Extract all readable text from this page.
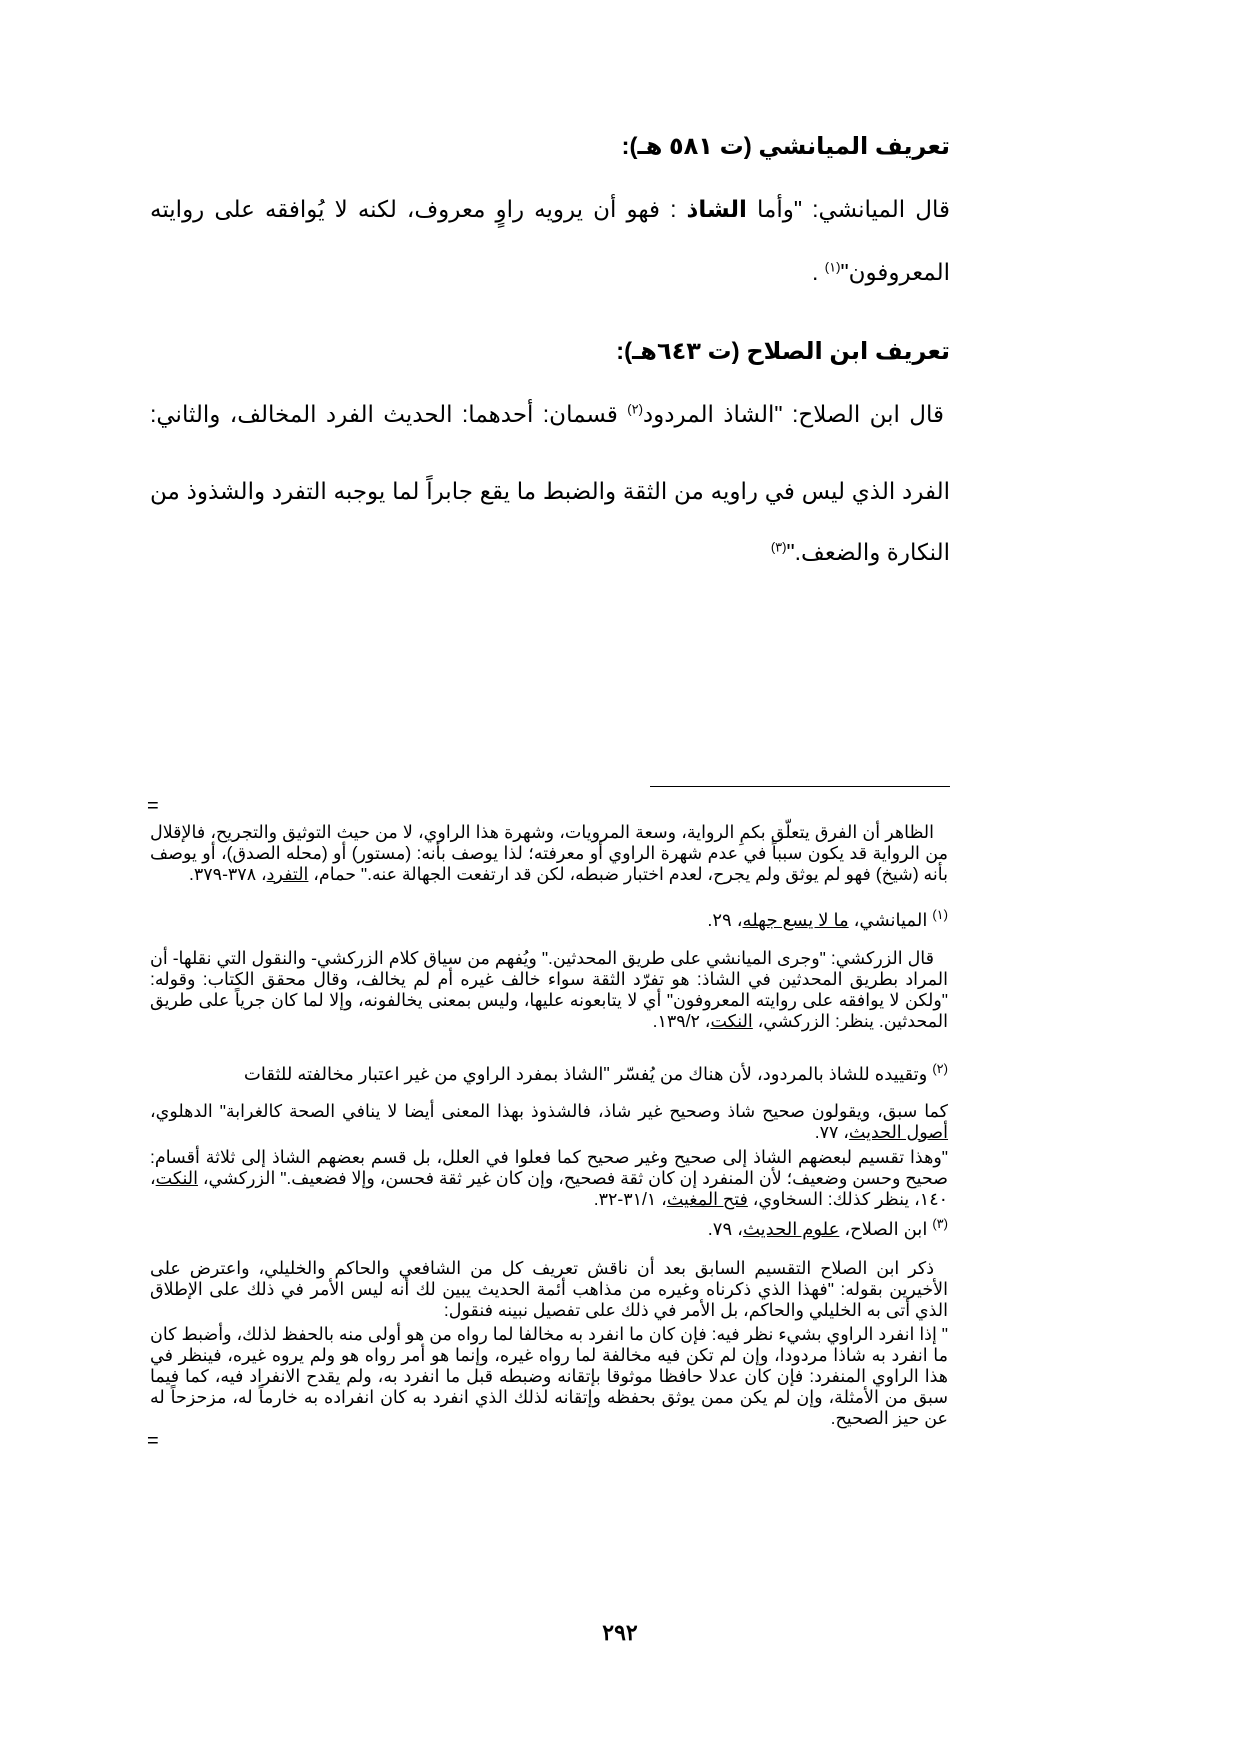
تعريف الميانشي (ت ٥٨١ هـ):
قال الميانشي: "وأما الشاذ : فهو أن يرويه راوٍ معروف، لكنه لا يُوافقه على روايته
المعروفون"$^{(١)}$ .
تعريف ابن الصلاح (ت ٦٤٣هـ):
قال ابن الصلاح: "الشاذ المردود$^{(٢)}$ قسمان: أحدهما: الحديث الفرد المخالف، والثاني:
الفرد الذي ليس في راويه من الثقة والضبط ما يقع جابراً لما يوجبه التفرد والشذوذ من
النكارة والضعف."$^{(٣)}$
=
الظاهر أن الفرق يتعلّق بكمِ الرواية، وسعة المرويات، وشهرة هذا الراوي، لا من حيث التوثيق والتجريح، فالإقلال من الرواية قد يكون سبباً في عدم شهرة الراوي أو معرفته؛ لذا يوصف بأنه: (مستور) أو (محله الصدق)، أو يوصف بأنه (شيخ) فهو لم يوثق ولم يجرح، لعدم اختبار ضبطه، لكن قد ارتفعت الجهالة عنه." حمام، التفرد، ٣٧٨-٣٧٩.
$^{(١)}$ الميانشي، ما لا يسع جهله، ٢٩.
قال الزركشي: "وجرى الميانشي على طريق المحدثين." ويُفهم من سياق كلام الزركشي- والنقول التي نقلها- أن المراد بطريق المحدثين في الشاذ: هو تفرّد الثقة سواء خالف غيره أم لم يخالف، وقال محقق الكتاب: وقوله: "ولكن لا يوافقه على روايته المعروفون" أي لا يتابعونه عليها، وليس بمعنى يخالفونه، وإلا لما كان جرياً على طريق المحدثين. ينظر: الزركشي، النكت، ١٣٩/٢.
$^{(٢)}$ وتقييده للشاذ بالمردود، لأن هناك من يُفسّر "الشاذ بمفرد الراوي من غير اعتبار مخالفته للثقات
كما سبق، ويقولون صحيح شاذ وصحيح غير شاذ، فالشذوذ بهذا المعنى أيضا لا ينافي الصحة كالغرابة" الدهلوي، أصول الحديث، ٧٧.
"وهذا تقسيم لبعضهم الشاذ إلى صحيح وغير صحيح كما فعلوا في العلل، بل قسم بعضهم الشاذ إلى ثلاثة أقسام: صحيح وحسن وضعيف؛ لأن المنفرد إن كان ثقة فصحيح، وإن كان غير ثقة فحسن، وإلا فضعيف." الزركشي، النكت، ١٤٠، ينظر كذلك: السخاوي، فتح المغيث، ٣١/١-٣٢.
$^{(٣)}$ ابن الصلاح، علوم الحديث، ٧٩.
ذكر ابن الصلاح التقسيم السابق بعد أن ناقش تعريف كل من الشافعي والحاكم والخليلي، واعترض على الأخيرين بقوله: "فهذا الذي ذكرناه وغيره من مذاهب أئمة الحديث يبين لك أنه ليس الأمر في ذلك على الإطلاق الذي أتى به الخليلي والحاكم، بل الأمر في ذلك على تفصيل نبينه فنقول:
" إذا انفرد الراوي بشيء نظر فيه: فإن كان ما انفرد به مخالفا لما رواه من هو أولى منه بالحفظ لذلك، وأضبط كان ما انفرد به شاذا مردودا، وإن لم تكن فيه مخالفة لما رواه غيره، وإنما هو أمر رواه هو ولم يروه غيره، فينظر في هذا الراوي المنفرد: فإن كان عدلا حافظا موثوقا بإتقانه وضبطه قبل ما انفرد به، ولم يقدح الانفراد فيه، كما فيما سبق من الأمثلة، وإن لم يكن ممن يوثق بحفظه وإتقانه لذلك الذي انفرد به كان انفراده به خارماً له، مزحزحاً له عن حيز الصحيح.
=
٢٩٢
